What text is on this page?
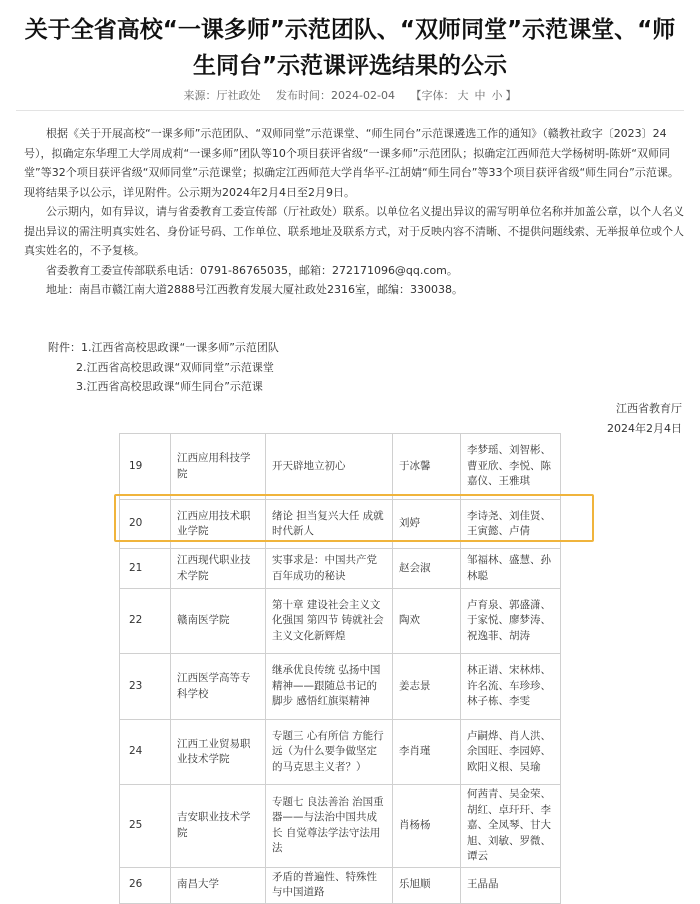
关于全省高校“一课多师”示范团队、“双师同堂”示范课堂、“师生同台”示范课评选结果的公示
来源：厅社政处 发布时间：2024-02-04 【字体： 大 中 小 】

根据《关于开展高校“一课多师”示范团队、“双师同堂”示范课堂、“师生同台”示范课遴选工作的通知》（赣教社政字〔2023〕24号），拟确定东华理工大学周成莉“一课多师”团队等10个项目获评省级“一课多师”示范团队；拟确定江西师范大学杨树明-陈妍“双师同堂”等32个项目获评省级“双师同堂”示范课堂；拟确定江西师范大学肖华平-江胡婧“师生同台”等33个项目获评省级“师生同台”示范课。现将结果予以公示，详见附件。公示期为2024年2月4日至2月9日。

公示期内，如有异议，请与省委教育工委宣传部（厅社政处）联系。以单位名义提出异议的需写明单位名称并加盖公章，以个人名义提出异议的需注明真实姓名、身份证号码、工作单位、联系地址及联系方式，对于反映内容不清晰、不提供问题线索、无举报单位或个人真实姓名的，不予复核。

省委教育工委宣传部联系电话：0791-86765035，邮箱：272171096@qq.com。

地址：南昌市赣江南大道2888号江西教育发展大厦社政处2316室，邮编：330038。

附件：1.江西省高校思政课“一课多师”示范团队
2.江西省高校思政课“双师同堂”示范课堂
3.江西省高校思政课“师生同台”示范课
江西省教育厅
2024年2月4日
19	江西应用科技学院	开天辟地立初心	于冰馨	李梦瑶、刘智彬、曹亚欣、李悦、陈嘉仪、王雅琪
20	江西应用技术职业学院	绪论 担当复兴大任 成就时代新人	刘婷	李诗尧、刘佳贤、王寅懿、卢倩
21	江西现代职业技术学院	实事求是：中国共产党百年成功的秘诀	赵会淑	邹福林、盛慧、孙林聪
22	赣南医学院	第十章 建设社会主义文化强国 第四节 铸就社会主义文化新辉煌	陶欢	卢育泉、郭盛潇、于家悦、廖梦涛、祝逸菲、胡涛
23	江西医学高等专科学校	继承优良传统 弘扬中国精神——跟随总书记的脚步 感悟红旗渠精神	姜志景	林正谱、宋林炜、许名流、车珍珍、林子栋、李雯
24	江西工业贸易职业技术学院	专题三 心有所信 方能行远（为什么要争做坚定的马克思主义者？）	李肖瑾	卢嗣烨、肖人洪、余国旺、李园婷、欧阳义根、吴瑜
25	吉安职业技术学院	专题七 良法善治 治国重器——与法治中国共成长 自觉尊法学法守法用法	肖杨杨	何茜青、吴金荣、胡红、卓玕玕、李嘉、全凤琴、甘大旭、刘敏、罗微、谭云
26	南昌大学	矛盾的普遍性、特殊性与中国道路	乐旭顺	王晶晶
